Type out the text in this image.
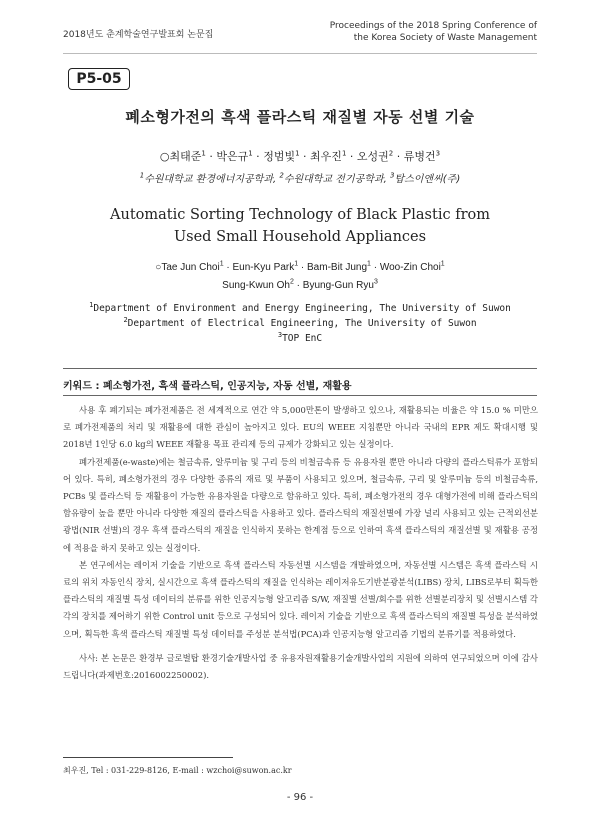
2018년도 춘계학술연구발표회 논문집
Proceedings of the 2018 Spring Conference of
the Korea Society of Waste Management
P5-05
폐소형가전의 흑색 플라스틱 재질별 자동 선별 기술
○최태준$^1$ · 박은규$^1$ · 정범빛$^1$ · 최우진$^1$ · 오성권$^2$ · 류병건$^3$
$^1$수원대학교 환경에너지공학과, $^2$수원대학교 전기공학과, $^3$탑스이앤씨(주)
Automatic Sorting Technology of Black Plastic from
Used Small Household Appliances
○Tae Jun Choi$^1$ · Eun-Kyu Park$^1$ · Bam-Bit Jung$^1$ · Woo-Zin Choi$^1$
Sung-Kwun $Oh^2$ · Byung-Gun Ryu$^3$
$^1$Department of Environment and Energy Engineering, The University of Suwon
$^2$Department of Electrical Engineering, The University of Suwon
$^3$TOP EnC
키워드 : 폐소형가전, 흑색 플라스틱, 인공지능, 자동 선별, 재활용

사용 후 폐기되는 폐가전제품은 전 세계적으로 연간 약 5,000만톤이 발생하고 있으나, 재활용되는 비율은 약 15.0 % 미만으로 폐가전제품의 처리 및 재활용에 대한 관심이 높아지고 있다. EU의 WEEE 지침뿐만 아니라 국내의 EPR 제도 확대시행 및 2018년 1인당 6.0 kg의 WEEE 재활용 목표 관리제 등의 규제가 강화되고 있는 실정이다.

폐가전제품(e-waste)에는 철금속류, 알루미늄 및 구리 등의 비철금속류 등 유용자원 뿐만 아니라 다량의 플라스틱류가 포함되어 있다. 특히, 폐소형가전의 경우 다양한 종류의 재료 및 부품이 사용되고 있으며, 철금속류, 구리 및 알루미늄 등의 비철금속류, PCBs 및 플라스틱 등 재활용이 가능한 유용자원을 다량으로 함유하고 있다. 특히, 폐소형가전의 경우 대형가전에 비해 플라스틱의 함유량이 높을 뿐만 아니라 다양한 재질의 플라스틱을 사용하고 있다. 플라스틱의 재질선별에 가장 널리 사용되고 있는 근적외선분광법(NIR 선별)의 경우 흑색 플라스틱의 재질을 인식하지 못하는 한계점 등으로 인하여 흑색 플라스틱의 재질선별 및 재활용 공정에 적용을 하지 못하고 있는 실정이다.

본 연구에서는 레이저 기술을 기반으로 흑색 플라스틱 자동선별 시스템을 개발하였으며, 자동선별 시스템은 흑색 플라스틱 시료의 위치 자동인식 장치, 실시간으로 흑색 플라스틱의 재질을 인식하는 레이저유도기반분광분석(LIBS) 장치, LIBS로부터 획득한 플라스틱의 재질별 특성 데이터의 분류를 위한 인공지능형 알고리즘 S/W, 재질별 선별/회수를 위한 선별분리장치 및 선별시스템 각각의 장치를 제어하기 위한 Control unit 등으로 구성되어 있다. 레이저 기술을 기반으로 흑색 플라스틱의 재질별 특성을 분석하였으며, 획득한 흑색 플라스틱 재질별 특성 데이터를 주성분 분석법(PCA)과 인공지능형 알고리즘 기법의 분류기를 적용하였다.

사사: 본 논문은 환경부 글로벌탑 환경기술개발사업 중 유용자원재활용기술개발사업의 지원에 의하여 연구되었으며 이에 감사드립니다(과제번호:2016002250002).

최우진, Tel : 031-229-8126, E-mail : wzchoi@suwon.ac.kr
- 96 -
